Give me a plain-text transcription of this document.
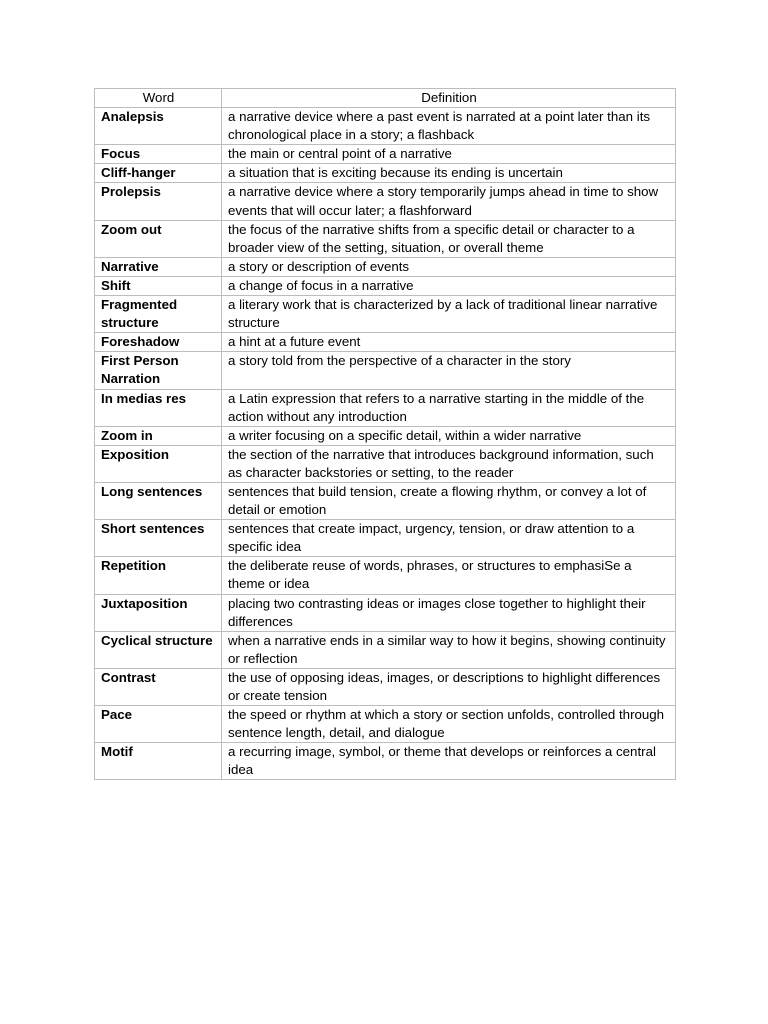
Word	Definition
Analepsis	a narrative device where a past event is narrated at a point later than its chronological place in a story; a flashback
Focus	the main or central point of a narrative
Cliff-hanger	a situation that is exciting because its ending is uncertain
Prolepsis	a narrative device where a story temporarily jumps ahead in time to show events that will occur later; a flashforward
Zoom out	the focus of the narrative shifts from a specific detail or character to a broader view of the setting, situation, or overall theme
Narrative	a story or description of events
Shift	a change of focus in a narrative
Fragmented structure	a literary work that is characterized by a lack of traditional linear narrative structure
Foreshadow	a hint at a future event
First Person Narration	a story told from the perspective of a character in the story
In medias res	a Latin expression that refers to a narrative starting in the middle of the action without any introduction
Zoom in	a writer focusing on a specific detail, within a wider narrative
Exposition	the section of the narrative that introduces background information, such as character backstories or setting, to the reader
Long sentences	sentences that build tension, create a flowing rhythm, or convey a lot of detail or emotion
Short sentences	sentences that create impact, urgency, tension, or draw attention to a specific idea
Repetition	the deliberate reuse of words, phrases, or structures to emphasiSe a theme or idea
Juxtaposition	placing two contrasting ideas or images close together to highlight their differences
Cyclical structure	when a narrative ends in a similar way to how it begins, showing continuity or reflection
Contrast	the use of opposing ideas, images, or descriptions to highlight differences or create tension
Pace	the speed or rhythm at which a story or section unfolds, controlled through sentence length, detail, and dialogue
Motif	a recurring image, symbol, or theme that develops or reinforces a central idea
